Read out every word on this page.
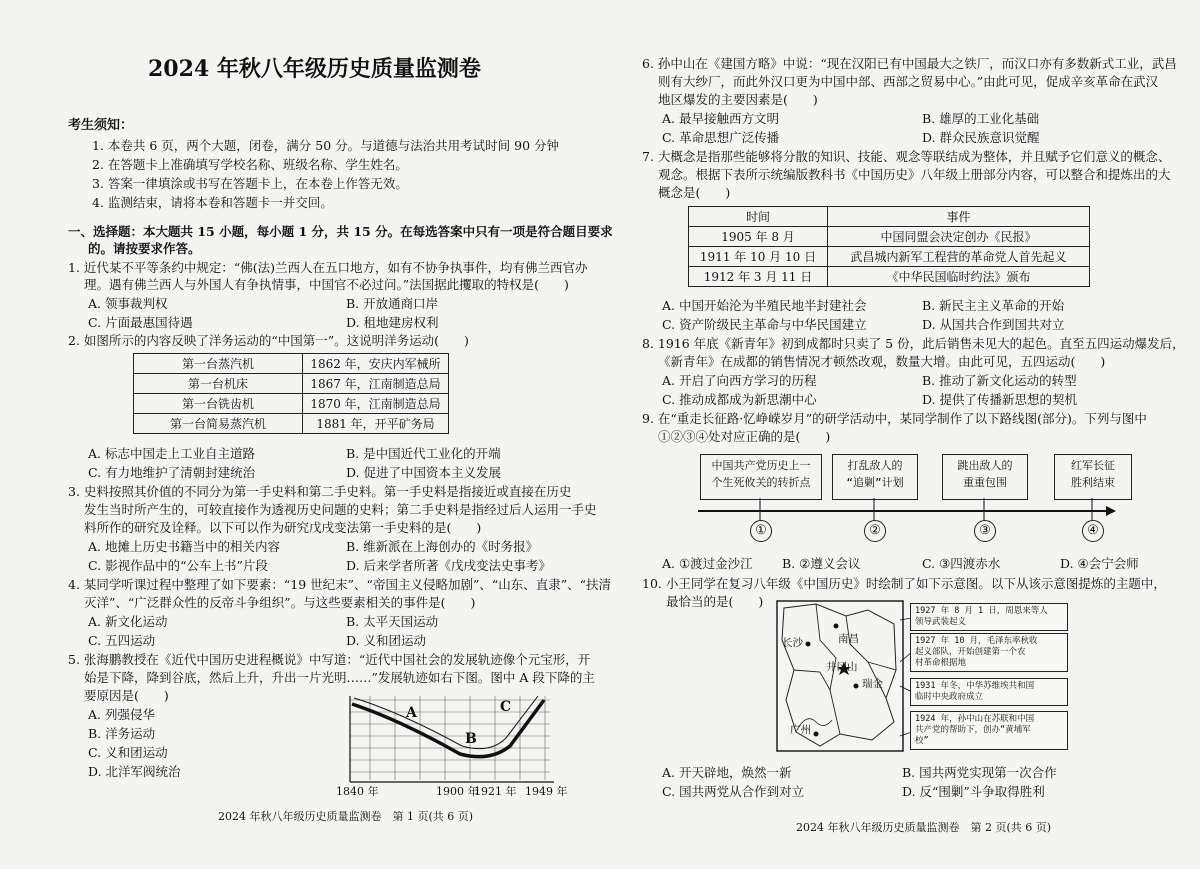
2024 年秋八年级历史质量监测卷
考生须知：
1. 本卷共 6 页，两个大题，闭卷，满分 50 分。与道德与法治共用考试时间 90 分钟
2. 在答题卡上准确填写学校名称、班级名称、学生姓名。
3. 答案一律填涂或书写在答题卡上，在本卷上作答无效。
4. 监测结束，请将本卷和答题卡一并交回。
一、选择题：本大题共 15 小题，每小题 1 分，共 15 分。在每选答案中只有一项是符合题目要求
的。请按要求作答。
1. 近代某不平等条约中规定：“佛(法)兰西人在五口地方，如有不协争执事件，均有佛兰西官办
理。遇有佛兰西人与外国人有争执情事，中国官不必过问。”法国据此攫取的特权是(　　)
A. 领事裁判权	B. 开放通商口岸
C. 片面最惠国待遇	D. 租地建房权利
2. 如图所示的内容反映了洋务运动的“中国第一”。这说明洋务运动(　　)
第一台蒸汽机	1862 年，安庆内军械所
第一台机床	1867 年，江南制造总局
第一台铣齿机	1870 年，江南制造总局
第一台简易蒸汽机	1881 年，开平矿务局
A. 标志中国走上工业自主道路	B. 是中国近代工业化的开端
C. 有力地维护了清朝封建统治	D. 促进了中国资本主义发展
3. 史料按照其价值的不同分为第一手史料和第二手史料。第一手史料是指接近或直接在历史
发生当时所产生的，可较直接作为透视历史问题的史料；第二手史料是指经过后人运用一手史
料所作的研究及诠释。以下可以作为研究戊戌变法第一手史料的是(　　)
A. 地摊上历史书籍当中的相关内容	B. 维新派在上海创办的《时务报》
C. 影视作品中的“公车上书”片段	D. 后来学者所著《戊戌变法史事考》
4. 某同学听课过程中整理了如下要素：“19 世纪末”、“帝国主义侵略加剧”、“山东、直隶”、“扶清
灭洋”、“广泛群众性的反帝斗争组织”。与这些要素相关的事件是(　　)
A. 新文化运动	B. 太平天国运动
C. 五四运动	D. 义和团运动
5. 张海鹏教授在《近代中国历史进程概说》中写道：“近代中国社会的发展轨迹像个元宝形，开
始是下降，降到谷底，然后上升，升出一片光明……”发展轨迹如右下图。图中 A 段下降的主
要原因是(　　)
A. 列强侵华
B. 洋务运动
C. 义和团运动
D. 北洋军阀统治
A
B
C
1840 年	1900 年
1921 年 1949 年
2024 年秋八年级历史质量监测卷　第 1 页(共 6 页)
6. 孙中山在《建国方略》中说：“现在汉阳已有中国最大之铁厂，而汉口亦有多数新式工业，武昌
则有大纱厂，而此外汉口更为中国中部、西部之贸易中心。”由此可见，促成辛亥革命在武汉
地区爆发的主要因素是(　　)
A. 最早接触西方文明	B. 雄厚的工业化基础
C. 革命思想广泛传播	D. 群众民族意识觉醒
7. 大概念是指那些能够将分散的知识、技能、观念等联结成为整体，并且赋予它们意义的概念、
观念。根据下表所示统编版教科书《中国历史》八年级上册部分内容，可以整合和提炼出的大
概念是(　　)
时间	事件
1905 年 8 月	中国同盟会决定创办《民报》
1911 年 10 月 10 日	武昌城内新军工程营的革命党人首先起义
1912 年 3 月 11 日	《中华民国临时约法》颁布
A. 中国开始沦为半殖民地半封建社会	B. 新民主主义革命的开始
C. 资产阶级民主革命与中华民国建立	D. 从国共合作到国共对立
8. 1916 年底《新青年》初到成都时只卖了 5 份，此后销售未见大的起色。直至五四运动爆发后，
《新青年》在成都的销售情况才顿然改观，数量大增。由此可见，五四运动(　　)
A. 开启了向西方学习的历程	B. 推动了新文化运动的转型
C. 推动成都成为新思潮中心	D. 提供了传播新思想的契机
9. 在“重走长征路·忆峥嵘岁月”的研学活动中，某同学制作了以下路线图(部分)。下列与图中
①②③④处对应正确的是(　　)
中国共产党历史上一
个生死攸关的转折点
打乱敌人的
“追剿”计划
跳出敌人的
重重包围
红军长征
胜利结束
①	②	③	④
A. ①渡过金沙江 B. ②遵义会议	C. ③四渡赤水	D. ④会宁会师
10. 小王同学在复习八年级《中国历史》时绘制了如下示意图。以下从该示意图提炼的主题中，
最恰当的是(　　)
长沙	南昌
井冈山
瑞金
广州
1927 年 8 月 1 日，周恩来等人
领导武装起义
1927 年 10 月，毛泽东率秋收
起义部队，开始创建第一个农
村革命根据地
1931 年冬，中华苏维埃共和国
临时中央政府成立
1924 年，孙中山在苏联和中国
共产党的帮助下，创办“黄埔军
校”
A. 开天辟地，焕然一新	B. 国共两党实现第一次合作
C. 国共两党从合作到对立	D. 反“围剿”斗争取得胜利
2024 年秋八年级历史质量监测卷　第 2 页(共 6 页)
